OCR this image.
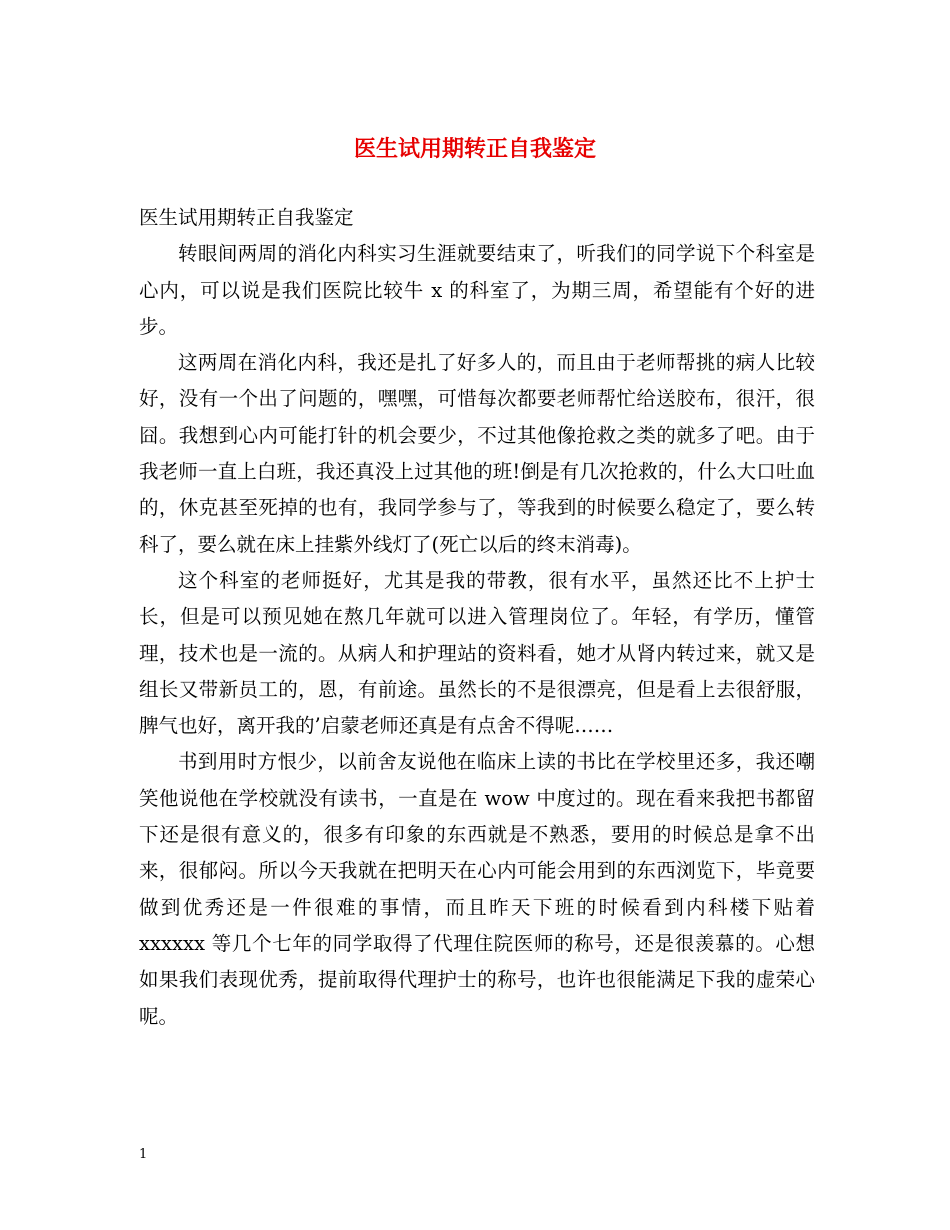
医生试用期转正自我鉴定

医生试用期转正自我鉴定

转眼间两周的消化内科实习生涯就要结束了，听我们的同学说下个科室是心内，可以说是我们医院比较牛 x 的科室了，为期三周，希望能有个好的进步。

这两周在消化内科，我还是扎了好多人的，而且由于老师帮挑的病人比较好，没有一个出了问题的，嘿嘿，可惜每次都要老师帮忙给送胶布，很汗，很囧。我想到心内可能打针的机会要少，不过其他像抢救之类的就多了吧。由于我老师一直上白班，我还真没上过其他的班!倒是有几次抢救的，什么大口吐血的，休克甚至死掉的也有，我同学参与了，等我到的时候要么稳定了，要么转科了，要么就在床上挂紫外线灯了(死亡以后的终末消毒)。

这个科室的老师挺好，尤其是我的带教，很有水平，虽然还比不上护士长，但是可以预见她在熬几年就可以进入管理岗位了。年轻，有学历，懂管理，技术也是一流的。从病人和护理站的资料看，她才从肾内转过来，就又是组长又带新员工的，恩，有前途。虽然长的不是很漂亮，但是看上去很舒服，脾气也好，离开我的’启蒙老师还真是有点舍不得呢……

书到用时方恨少，以前舍友说他在临床上读的书比在学校里还多，我还嘲笑他说他在学校就没有读书，一直是在 wow 中度过的。现在看来我把书都留下还是很有意义的，很多有印象的东西就是不熟悉，要用的时候总是拿不出来，很郁闷。所以今天我就在把明天在心内可能会用到的东西浏览下，毕竟要做到优秀还是一件很难的事情，而且昨天下班的时候看到内科楼下贴着 xxxxxx 等几个七年的同学取得了代理住院医师的称号，还是很羡慕的。心想如果我们表现优秀，提前取得代理护士的称号，也许也很能满足下我的虚荣心呢。

1
